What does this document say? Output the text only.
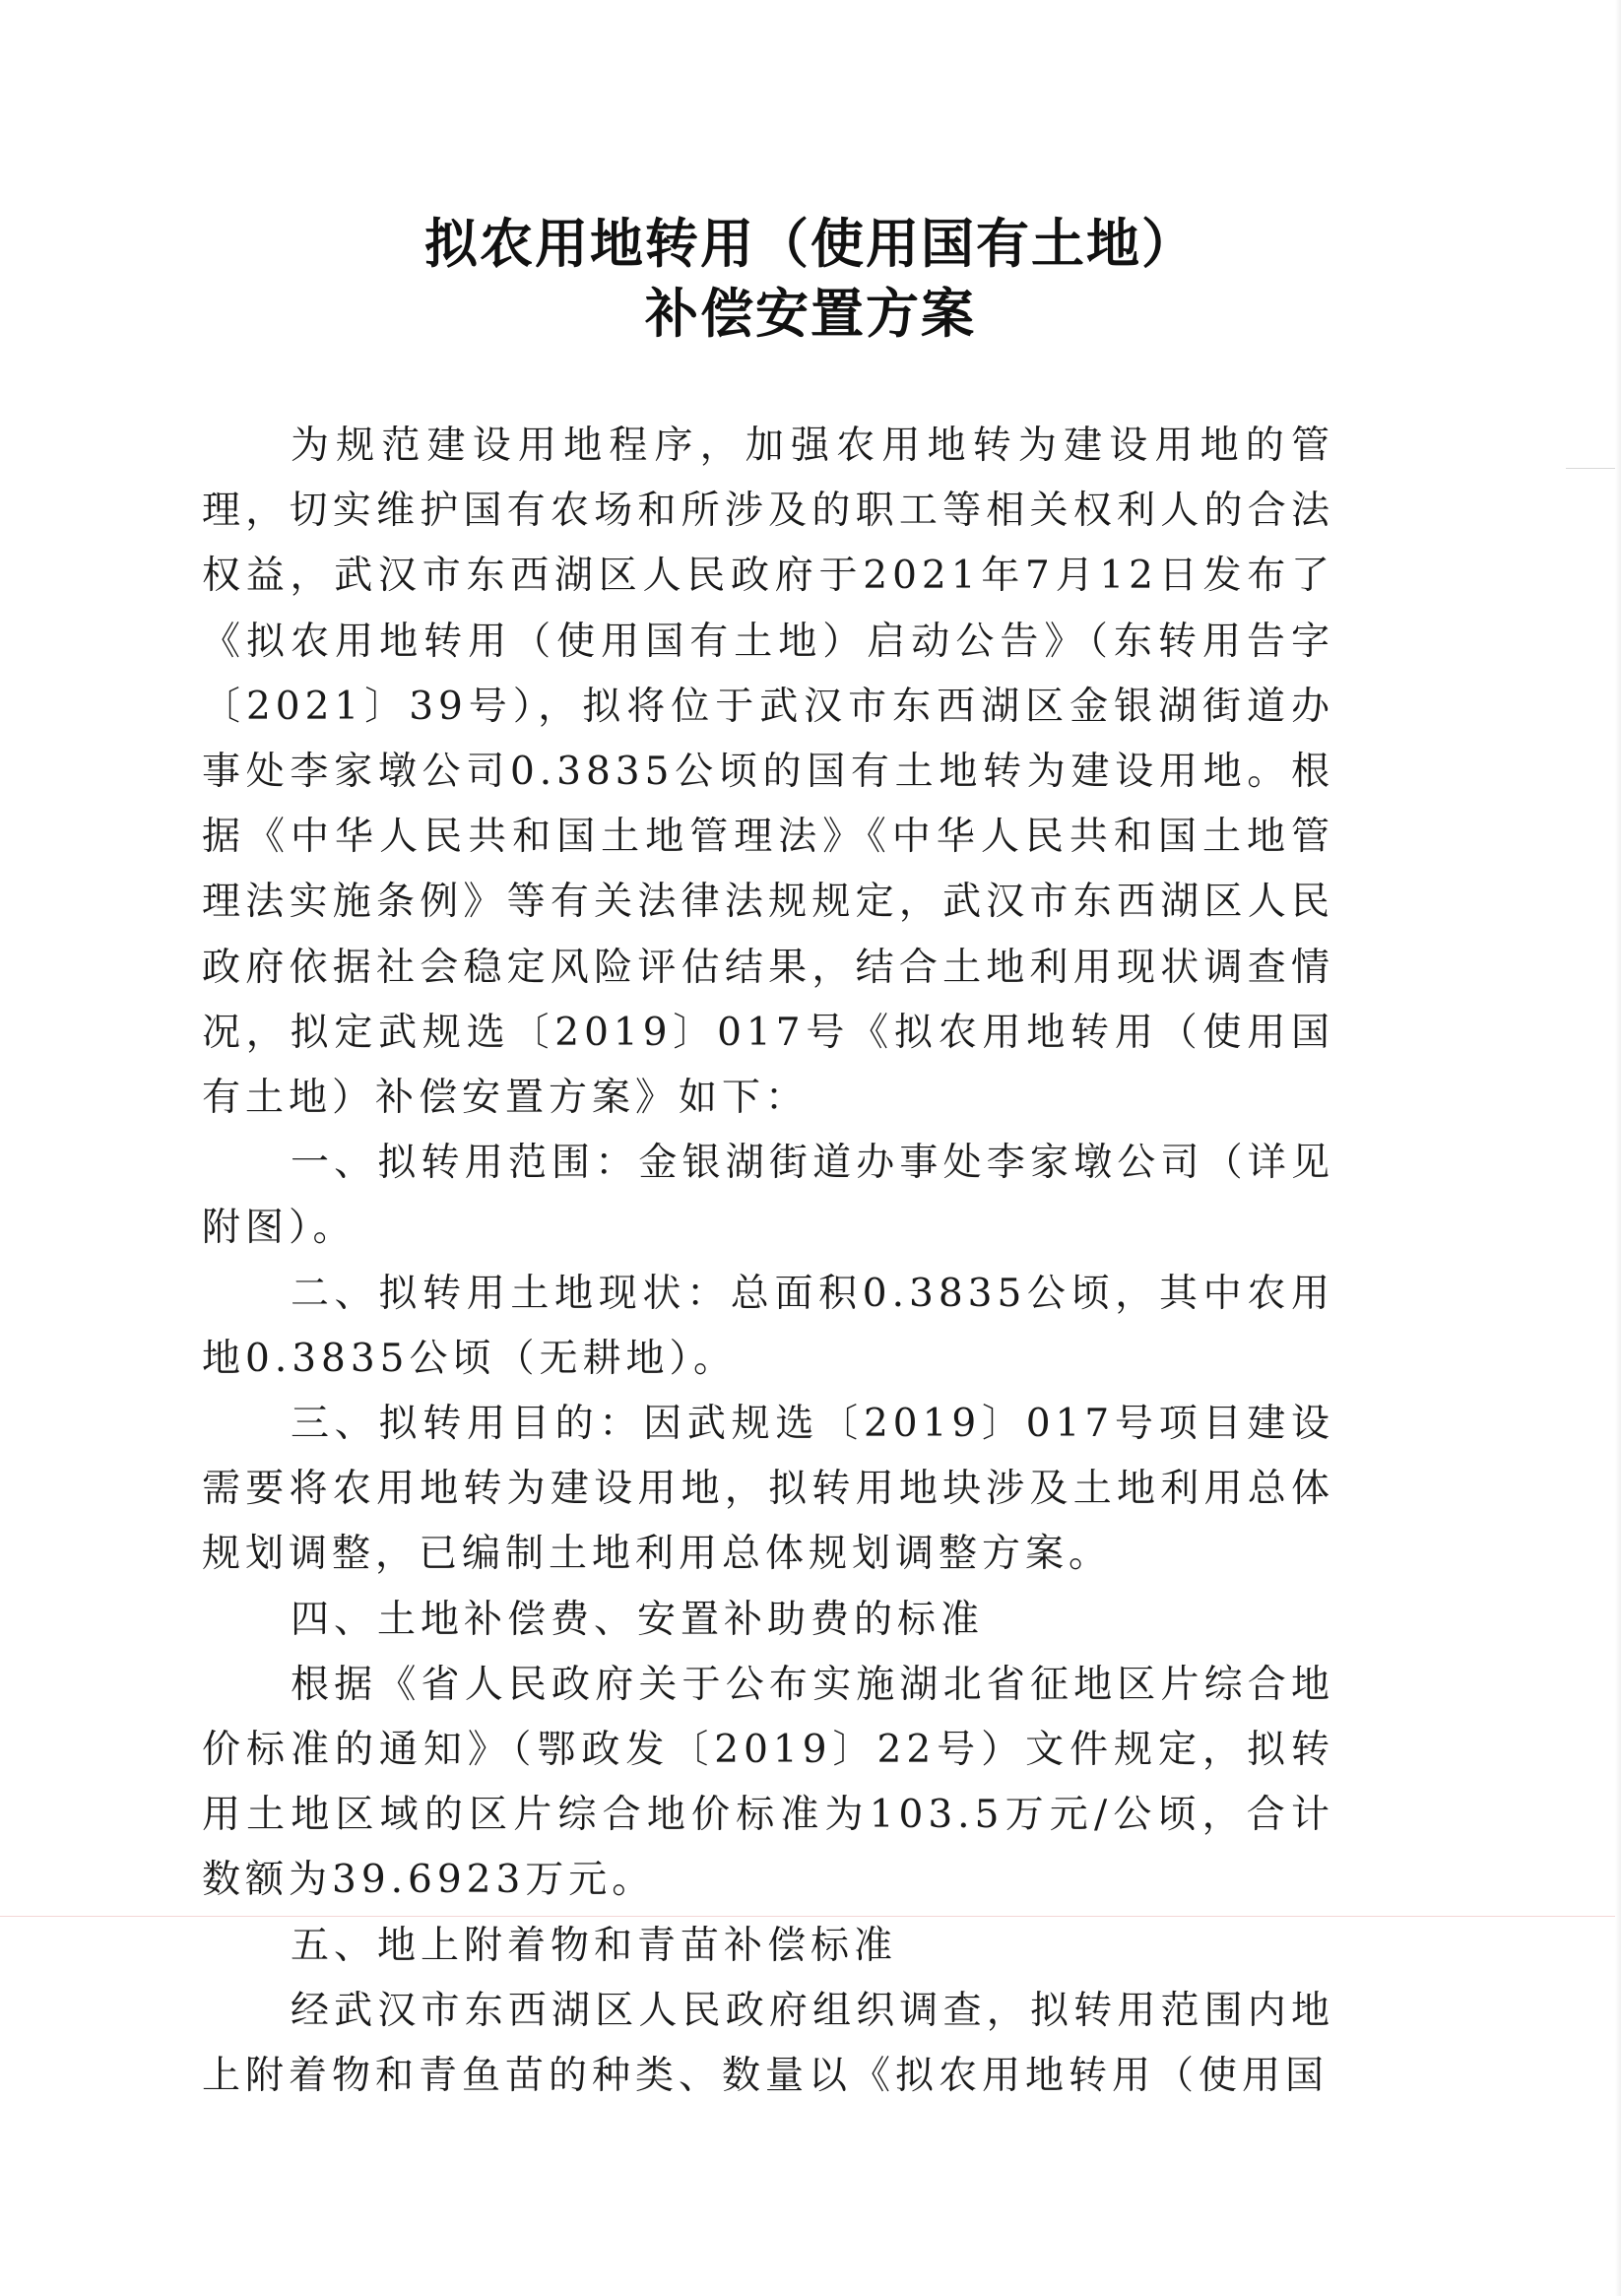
拟农用地转用（使用国有土地）
补偿安置方案

为规范建设用地程序，加强农用地转为建设用地的管理，切实维护国有农场和所涉及的职工等相关权利人的合法权益，武汉市东西湖区人民政府于2021年7月12日发布了《拟农用地转用（使用国有土地）启动公告》（东转用告字〔2021〕39号），拟将位于武汉市东西湖区金银湖街道办事处李家墩公司0.3835公顷的国有土地转为建设用地。根据《中华人民共和国土地管理法》《中华人民共和国土地管理法实施条例》等有关法律法规规定，武汉市东西湖区人民政府依据社会稳定风险评估结果，结合土地利用现状调查情况，拟定武规选〔2019〕017号《拟农用地转用（使用国有土地）补偿安置方案》如下：

一、拟转用范围：金银湖街道办事处李家墩公司（详见附图）。

二、拟转用土地现状：总面积0.3835公顷，其中农用地0.3835公顷（无耕地）。

三、拟转用目的：因武规选〔2019〕017号项目建设需要将农用地转为建设用地，拟转用地块涉及土地利用总体规划调整，已编制土地利用总体规划调整方案。

四、土地补偿费、安置补助费的标准

根据《省人民政府关于公布实施湖北省征地区片综合地价标准的通知》（鄂政发〔2019〕22号）文件规定，拟转用土地区域的区片综合地价标准为103.5万元/公顷，合计数额为39.6923万元。

五、地上附着物和青苗补偿标准

经武汉市东西湖区人民政府组织调查，拟转用范围内地上附着物和青鱼苗的种类、数量以《拟农用地转用（使用国
